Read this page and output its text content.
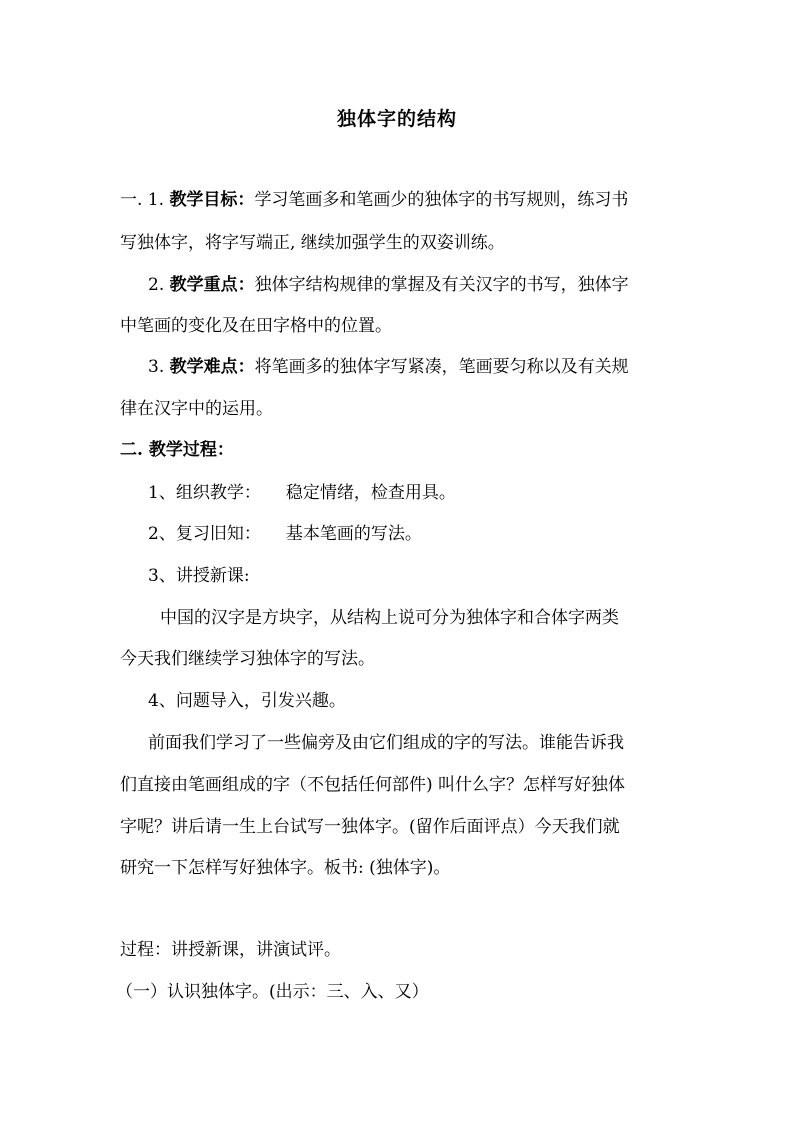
独体字的结构
一. 1. 教学目标：学习笔画多和笔画少的独体字的书写规则，练习书
写独体字，将字写端正, 继续加强学生的双姿训练。
2. 教学重点：独体字结构规律的掌握及有关汉字的书写，独体字
中笔画的变化及在田字格中的位置。
3. 教学难点：将笔画多的独体字写紧凑，笔画要匀称以及有关规
律在汉字中的运用。
二. 教学过程：
1、组织教学： 稳定情绪，检查用具。
2、复习旧知： 基本笔画的写法。
3、讲授新课:
中国的汉字是方块字，从结构上说可分为独体字和合体字两类
今天我们继续学习独体字的写法。
4、问题导入，引发兴趣。
前面我们学习了一些偏旁及由它们组成的字的写法。谁能告诉我
们直接由笔画组成的字（不包括任何部件) 叫什么字？怎样写好独体
字呢？讲后请一生上台试写一独体字。(留作后面评点）今天我们就
研究一下怎样写好独体字。板书: (独体字)。
过程：讲授新课，讲演试评。
（一）认识独体字。(出示：三、入、又）
